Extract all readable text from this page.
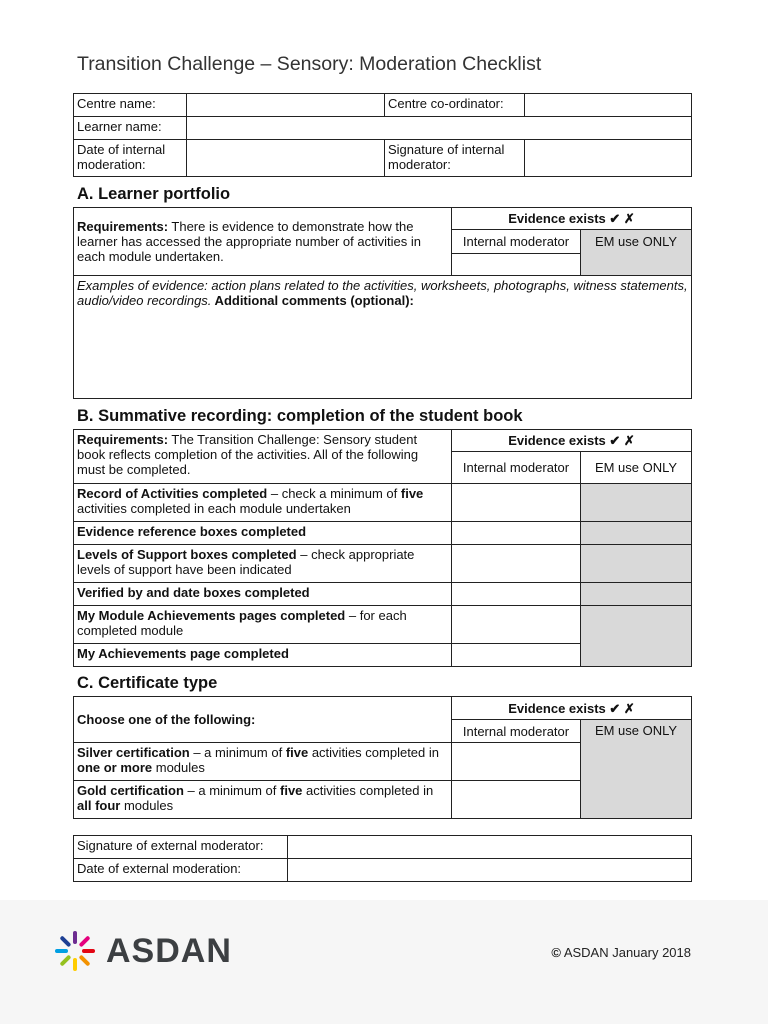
Transition Challenge – Sensory: Moderation Checklist
Centre name:		Centre co-ordinator:	
Learner name:			
Date of internal moderation:		Signature of internal moderator:	
A. Learner portfolio
Requirements: There is evidence to demonstrate how the learner has accessed the appropriate number of activities in each module undertaken.	Evidence exists ✔ ✗	
	Internal moderator	EM use ONLY

Examples of evidence: action plans related to the activities, worksheets, photographs, witness statements, audio/video recordings. Additional comments (optional):		
B. Summative recording: completion of the student book
Requirements: The Transition Challenge: Sensory student book reflects completion of the activities. All of the following must be completed.	Evidence exists ✔ ✗	
	Internal moderator	EM use ONLY
Record of Activities completed – check a minimum of five activities completed in each module undertaken		
Evidence reference boxes completed		
Levels of Support boxes completed – check appropriate levels of support have been indicated		
Verified by and date boxes completed		
My Module Achievements pages completed – for each completed module		
My Achievements page completed		
C. Certificate type
Choose one of the following:	Evidence exists ✔ ✗	
	Internal moderator	EM use ONLY

Silver certification – a minimum of five activities completed in one or more modules		
Gold certification – a minimum of five activities completed in all four modules		
Signature of external moderator:	
Date of external moderation:	
ASDAN	© ASDAN January 2018
